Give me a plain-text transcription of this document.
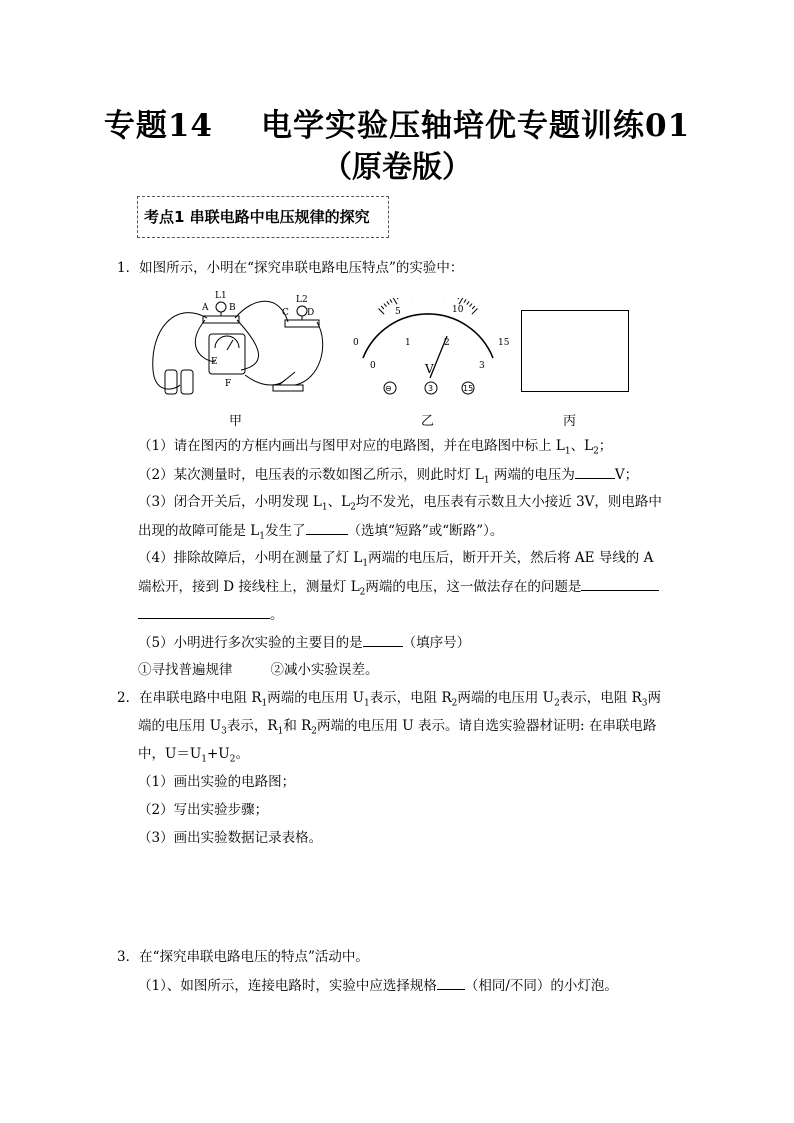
专题14 电学实验压轴培优专题训练01
（原卷版）
考点1 串联电路中电压规律的探究
1．如图所示，小明在“探究串联电路电压特点”的实验中：
L1	L2
A B	C D
E
F
0
5	10
15
0
1	2
3
V
⊖	3	15
甲	乙	丙
（1）请在图丙的方框内画出与图甲对应的电路图，并在电路图中标上 $L_1$、$L_2$；
（2）某次测量时，电压表的示数如图乙所示，则此时灯 $L_1$ 两端的电压为	V；
（3）闭合开关后，小明发现 $L_1$、$L_2$均不发光，电压表有示数且大小接近 3V，则电路中
出现的故障可能是 $L_1$发生了	（选填“短路”或“断路”）。
（4）排除故障后，小明在测量了灯 $L_1$两端的电压后，断开开关，然后将 AE 导线的 A
端松开，接到 D 接线柱上，测量灯 $L_2$两端的电压，这一做法存在的问题是
。
（5）小明进行多次实验的主要目的是	（填序号）
①寻找普遍规律	②减小实验误差。
2．在串联电路中电阻 $R_1$两端的电压用 $U_1$表示，电阻 $R_2$两端的电压用 $U_2$表示，电阻 $R_3$两
端的电压用 $U_3$表示，$R_1$和 $R_2$两端的电压用 U 表示。请自选实验器材证明: 在串联电路
中，$U=U_1+U_2$。
（1）画出实验的电路图；
（2）写出实验步骤；
（3）画出实验数据记录表格。
3．在“探究串联电路电压的特点”活动中。
（1）、如图所示，连接电路时，实验中应选择规格 （相同/不同）的小灯泡。
